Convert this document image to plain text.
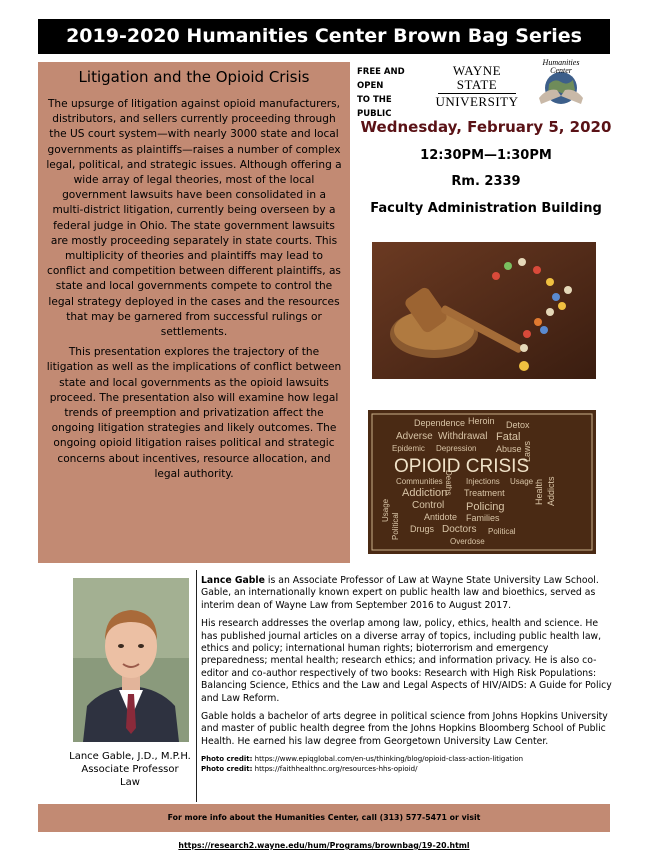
2019-2020 Humanities Center Brown Bag Series
Litigation and the Opioid Crisis

The upsurge of litigation against opioid manufacturers, distributors, and sellers currently proceeding through the US court system—with nearly 3000 state and local governments as plaintiffs—raises a number of complex legal, political, and strategic issues. Although offering a wide array of legal theories, most of the local government lawsuits have been consolidated in a multi-district litigation, currently being overseen by a federal judge in Ohio. The state government lawsuits are mostly proceeding separately in state courts. This multiplicity of theories and plaintiffs may lead to conflict and competition between different plaintiffs, as state and local governments compete to control the legal strategy deployed in the cases and the resources that may be garnered from successful rulings or settlements.

This presentation explores the trajectory of the litigation as well as the implications of conflict between state and local governments as the opioid lawsuits proceed. The presentation also will examine how legal trends of preemption and privatization affect the ongoing litigation strategies and likely outcomes. The ongoing opioid litigation raises political and strategic concerns about incentives, resource allocation, and legal authority.

FREE AND OPEN
TO THE PUBLIC
WAYNE STATE
UNIVERSITY
Humanities
Center
Wednesday, February 5, 2020
12:30PM—1:30PM
Rm. 2339
Faculty Administration Building
Dependence Heroin Detox
Adverse Withdrawal Fatal
Epidemic Depression Abuse
OPIOID CRISIS
Communities	Injections Usage
Addiction Treatment
Control Policing
Antidote Families
Drugs Doctors Political
Overdose
Health Addicts
Deaths
Laws
Usage
Political
Lance Gable, J.D., M.P.H.
Associate Professor
Law

Lance Gable is an Associate Professor of Law at Wayne State University Law School. Gable, an internationally known expert on public health law and bioethics, served as interim dean of Wayne Law from September 2016 to August 2017.

His research addresses the overlap among law, policy, ethics, health and science. He has published journal articles on a diverse array of topics, including public health law, ethics and policy; international human rights; bioterrorism and emergency preparedness; mental health; research ethics; and information privacy. He is also co-editor and co-author respectively of two books: Research with High Risk Populations: Balancing Science, Ethics and the Law and Legal Aspects of HIV/AIDS: A Guide for Policy and Law Reform.

Gable holds a bachelor of arts degree in political science from Johns Hopkins University and master of public health degree from the Johns Hopkins Bloomberg School of Public Health. He earned his law degree from Georgetown University Law Center.

Photo credit: https://www.epiqglobal.com/en-us/thinking/blog/opioid-class-action-litigation

Photo credit: https://faithhealthnc.org/resources-hhs-opioid/

For more info about the Humanities Center, call (313) 577-5471 or visit https://research2.wayne.edu/hum/Programs/brownbag/19-20.html
